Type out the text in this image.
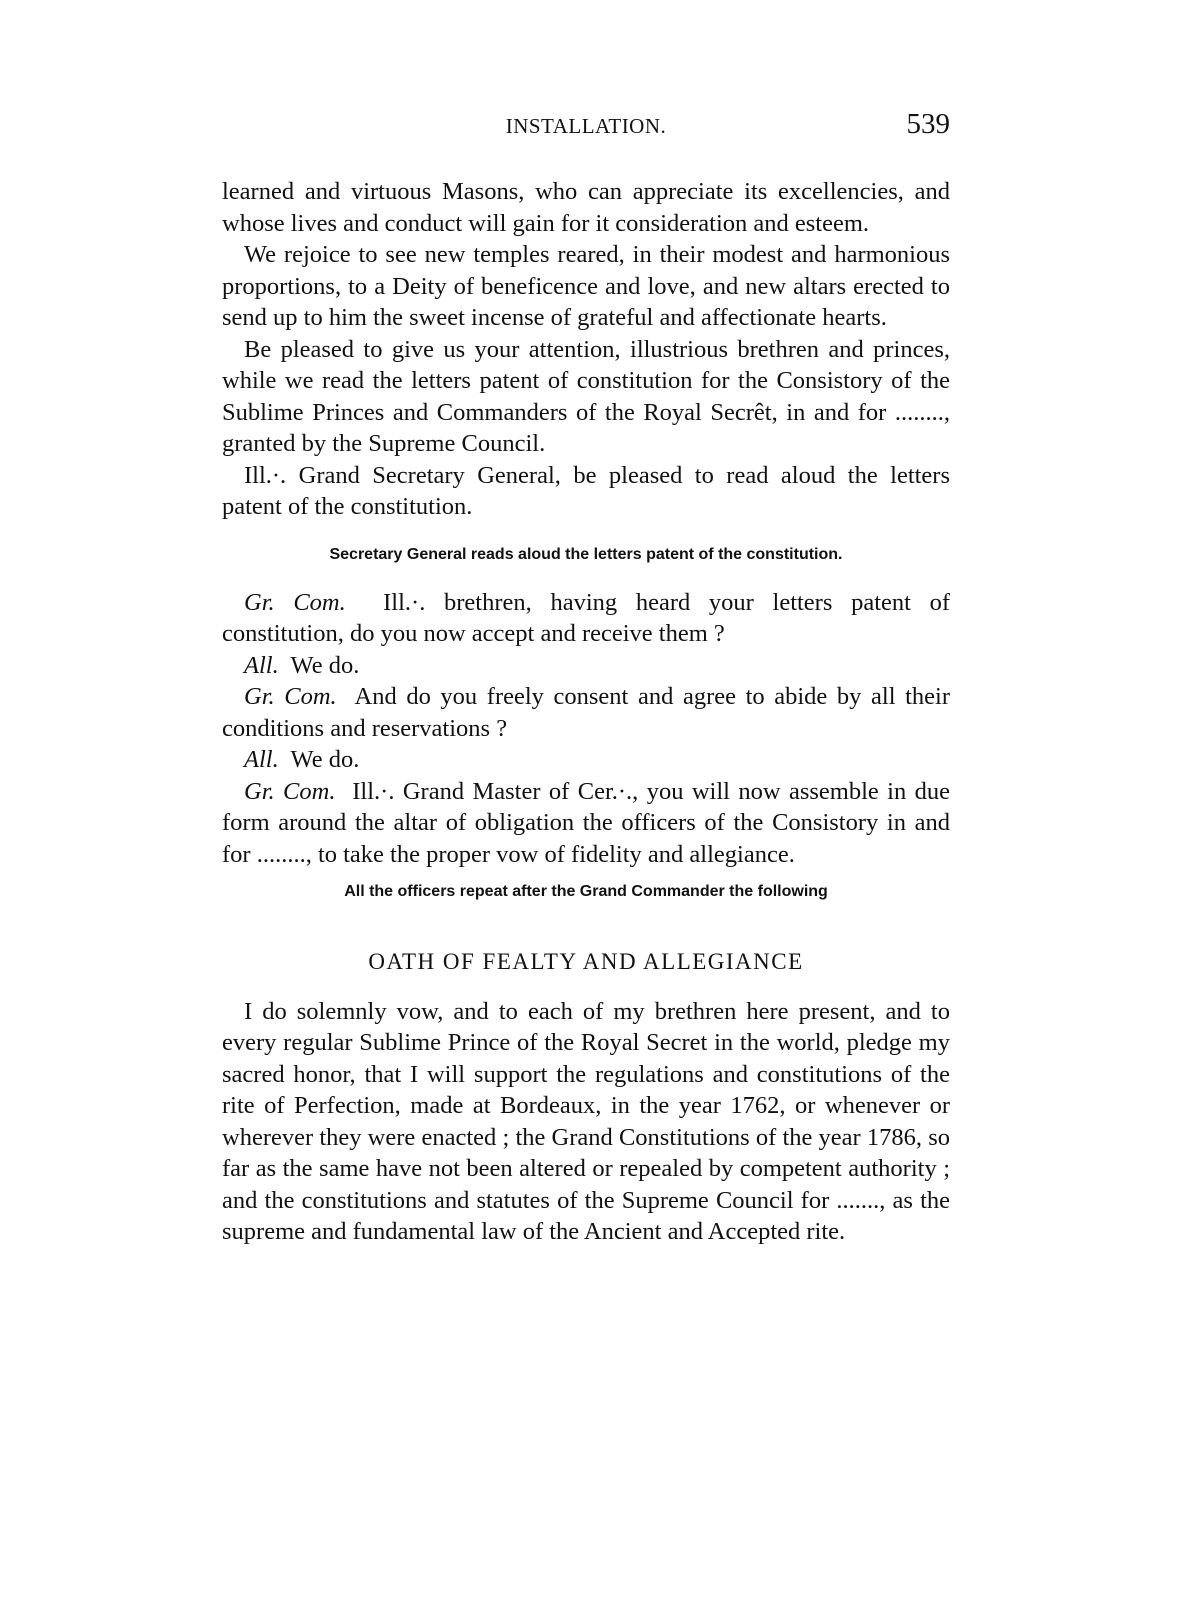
INSTALLATION.	539

learned and virtuous Masons, who can appreciate its excellencies, and whose lives and conduct will gain for it consideration and esteem.

We rejoice to see new temples reared, in their modest and harmonious proportions, to a Deity of beneficence and love, and new altars erected to send up to him the sweet incense of grateful and affectionate hearts.

Be pleased to give us your attention, illustrious brethren and princes, while we read the letters patent of constitution for the Consistory of the Sublime Princes and Commanders of the Royal Secrêt, in and for ........, granted by the Supreme Council.

Ill.·. Grand Secretary General, be pleased to read aloud the letters patent of the constitution.

Secretary General reads aloud the letters patent of the constitution.

Gr. Com. Ill.·. brethren, having heard your letters patent of constitution, do you now accept and receive them ?

All. We do.

Gr. Com. And do you freely consent and agree to abide by all their conditions and reservations ?

All. We do.

Gr. Com. Ill.·. Grand Master of Cer.·., you will now assemble in due form around the altar of obligation the officers of the Consistory in and for ........, to take the proper vow of fidelity and allegiance.

All the officers repeat after the Grand Commander the following

OATH OF FEALTY AND ALLEGIANCE

I do solemnly vow, and to each of my brethren here present, and to every regular Sublime Prince of the Royal Secret in the world, pledge my sacred honor, that I will support the regulations and constitutions of the rite of Perfection, made at Bordeaux, in the year 1762, or whenever or wherever they were enacted ; the Grand Constitutions of the year 1786, so far as the same have not been altered or repealed by competent authority ; and the constitutions and statutes of the Supreme Council for ......., as the supreme and fundamental law of the Ancient and Accepted rite.
